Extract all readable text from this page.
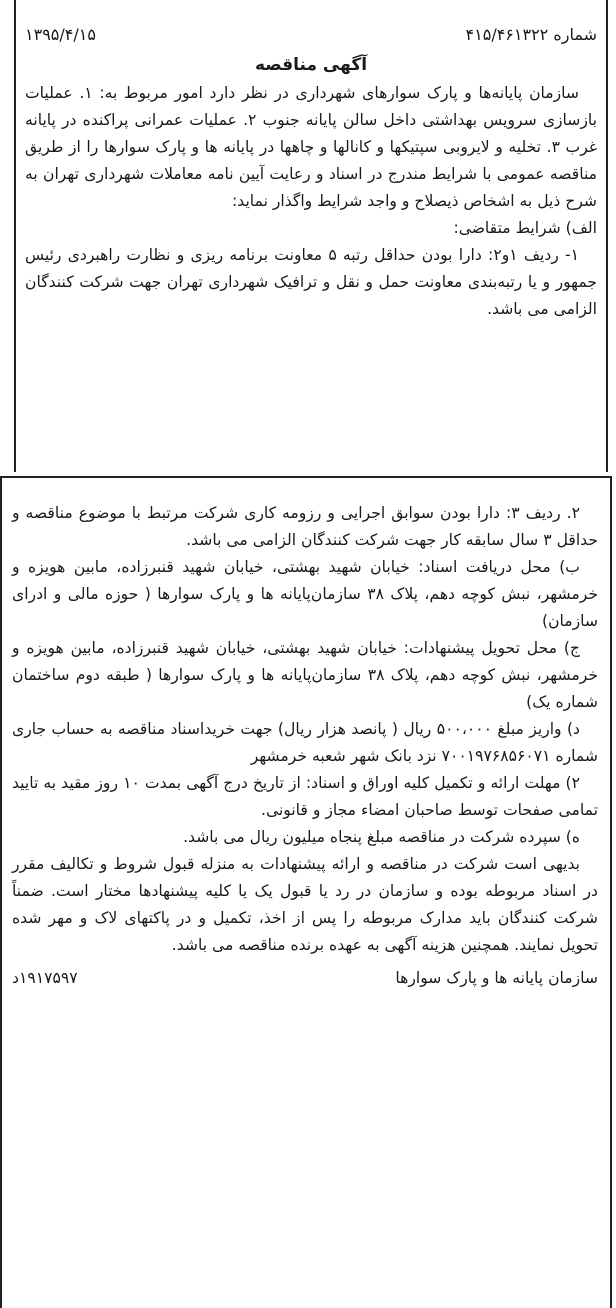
شماره ۴۱۵/۴۶۱۳۲۲
۱۳۹۵/۴/۱۵
آگهی مناقصه

سازمان پایانه‌ها و پارک سوارهای شهرداری در نظر دارد امور مربوط به: ۱. عملیات بازسازی سرویس بهداشتی داخل سالن پایانه جنوب ۲. عملیات عمرانی پراکنده در پایانه غرب ۳. تخلیه و لایروبی سپتیکها و کانالها و چاهها در پایانه ها و پارک سوارها را از طریق مناقصه عمومی با شرایط مندرج در اسناد و رعایت آیین نامه معاملات شهرداری تهران به شرح ذیل به اشخاص ذیصلاح و واجد شرایط واگذار نماید:

الف) شرایط متقاضی:

۱- ردیف ۱و۲: دارا بودن حداقل رتبه ۵ معاونت برنامه ریزی و نظارت راهبردی رئیس جمهور و یا رتبه‌بندی معاونت حمل و نقل و ترافیک شهرداری تهران جهت شرکت کنندگان الزامی می باشد.

۲. ردیف ۳: دارا بودن سوابق اجرایی و رزومه کاری شرکت مرتبط با موضوع مناقصه و حداقل ۳ سال سابقه کار جهت شرکت کنندگان الزامی می باشد.

ب) محل دریافت اسناد: خیابان شهید بهشتی، خیابان شهید قنبرزاده، مابین هویزه و خرمشهر، نبش کوچه دهم، پلاک ۳۸ سازمان‌پایانه ها و پارک سوارها ( حوزه مالی و ادرای سازمان)

ج) محل تحویل پیشنهادات: خیابان شهید بهشتی، خیابان شهید قنبرزاده، مابین هویزه و خرمشهر، نبش کوچه دهم، پلاک ۳۸ سازمان‌پایانه ها و پارک سوارها ( طبقه دوم ساختمان شماره یک)

د) واریز مبلغ ۵۰۰،۰۰۰ ریال ( پانصد هزار ریال) جهت خریداسناد مناقصه به حساب جاری شماره ۷۰۰۱۹۷۶۸۵۶۰۷۱ نزد بانک شهر شعبه خرمشهر

۲) مهلت ارائه و تکمیل کلیه اوراق و اسناد: از تاریخ درج آگهی بمدت ۱۰ روز مقید به تایید تمامی صفحات توسط صاحبان امضاء مجاز و قانونی.

ه) سپرده شرکت در مناقصه مبلغ پنجاه میلیون ریال می باشد.

بدیهی است شرکت در مناقصه و ارائه پیشنهادات به منزله قبول شروط و تکالیف مقرر در اسناد مربوطه بوده و سازمان در رد یا قبول یک یا کلیه پیشنهادها مختار است. ضمناً شرکت کنندگان باید مدارک مربوطه را پس از اخذ، تکمیل و در پاکتهای لاک و مهر شده تحویل نمایند. همچنین هزینه آگهی به عهده برنده مناقصه می باشد.

سازمان پایانه ها و پارک سوارها
۱۹۱۷۵۹۷د
